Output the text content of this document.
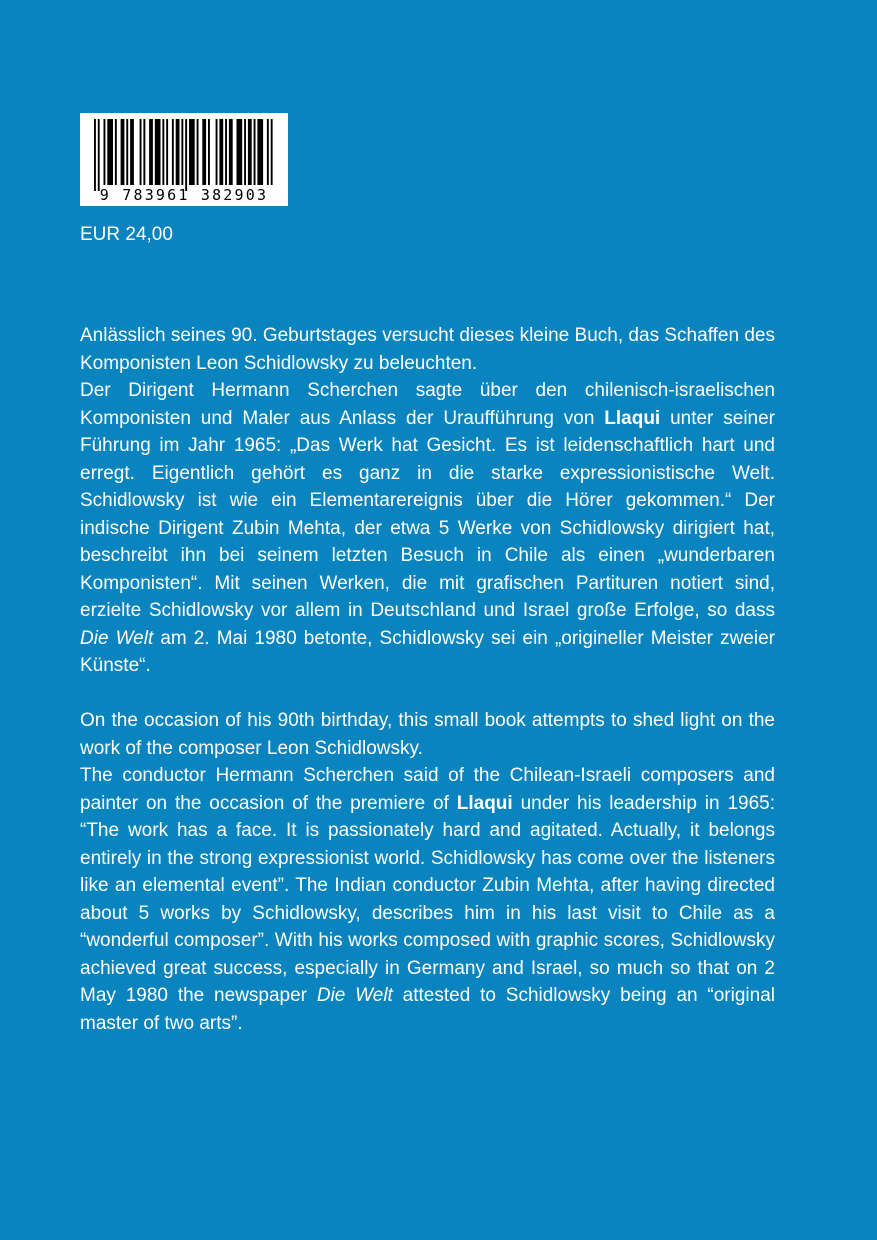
9 783961 382903
EUR 24,00

Anlässlich seines 90. Geburtstages versucht dieses kleine Buch, das Schaffen des Komponisten Leon Schidlowsky zu beleuchten.

Der Dirigent Hermann Scherchen sagte über den chilenisch-israelischen Komponisten und Maler aus Anlass der Uraufführung von Llaqui unter seiner Führung im Jahr 1965: „Das Werk hat Gesicht. Es ist leidenschaftlich hart und erregt. Eigentlich gehört es ganz in die starke expressionistische Welt. Schidlowsky ist wie ein Elementarereignis über die Hörer gekommen.“ Der indische Dirigent Zubin Mehta, der etwa 5 Werke von Schidlowsky dirigiert hat, beschreibt ihn bei seinem letzten Besuch in Chile als einen „wunderbaren Komponisten“. Mit seinen Werken, die mit grafischen Partituren notiert sind, erzielte Schidlowsky vor allem in Deutschland und Israel große Erfolge, so dass Die Welt am 2. Mai 1980 betonte, Schidlowsky sei ein „origineller Meister zweier Künste“.

On the occasion of his 90th birthday, this small book attempts to shed light on the work of the composer Leon Schidlowsky.

The conductor Hermann Scherchen said of the Chilean-Israeli composers and painter on the occasion of the premiere of Llaqui under his leadership in 1965: “The work has a face. It is passionately hard and agitated. Actually, it belongs entirely in the strong expressionist world. Schidlowsky has come over the listeners like an elemental event”. The Indian conductor Zubin Mehta, after having directed about 5 works by Schidlowsky, describes him in his last visit to Chile as a “wonderful composer”. With his works composed with graphic scores, Schidlowsky achieved great success, especially in Germany and Israel, so much so that on 2 May 1980 the newspaper Die Welt attested to Schidlowsky being an “original master of two arts”.
